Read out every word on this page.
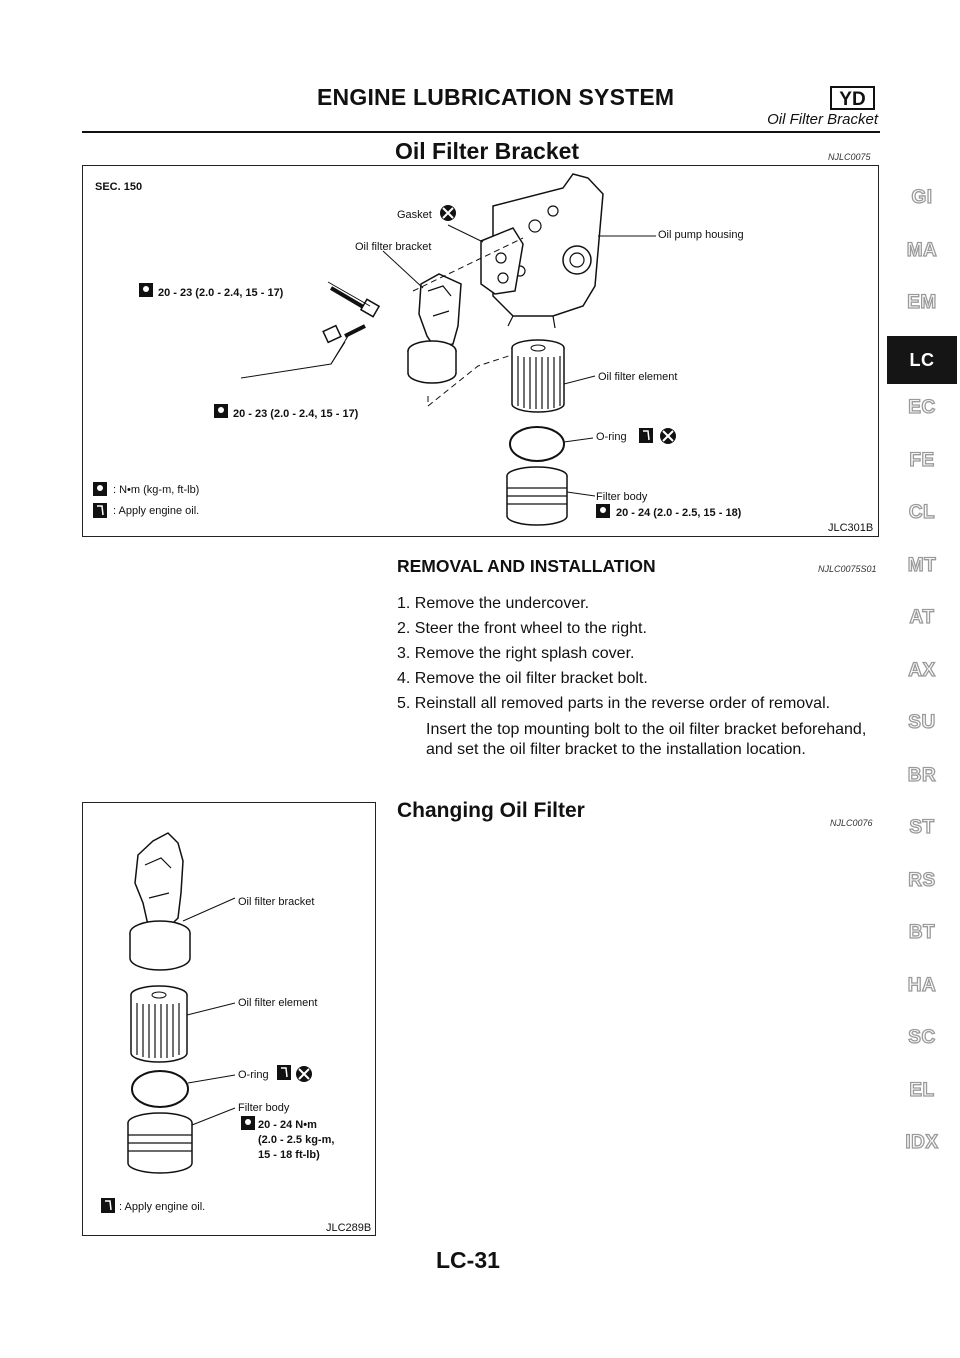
ENGINE LUBRICATION SYSTEM	YD
Oil Filter Bracket
Oil Filter Bracket	NJLC0075
SEC. 150
Gasket
Oil filter bracket
Oil pump housing
20 - 23 (2.0 - 2.4, 15 - 17)
20 - 23 (2.0 - 2.4, 15 - 17)
Oil filter element
O-ring
Filter body
20 - 24 (2.0 - 2.5, 15 - 18)
: N•m (kg-m, ft-lb)
: Apply engine oil.
JLC301B
REMOVAL AND INSTALLATION	NJLC0075S01
1. Remove the undercover.
2. Steer the front wheel to the right.
3. Remove the right splash cover.
4. Remove the oil filter bracket bolt.
5. Reinstall all removed parts in the reverse order of removal.
Insert the top mounting bolt to the oil filter bracket beforehand, and set the oil filter bracket to the installation location.
Changing Oil Filter
NJLC0076
Oil filter bracket
Oil filter element
O-ring
Filter body
20 - 24 N•m
(2.0 - 2.5 kg-m,
15 - 18 ft-lb)
: Apply engine oil.
JLC289B
GI
MA
EM
LC
EC
FE
CL
MT
AT
AX
SU
BR
ST
RS
BT
HA
SC
EL
IDX
LC-31
